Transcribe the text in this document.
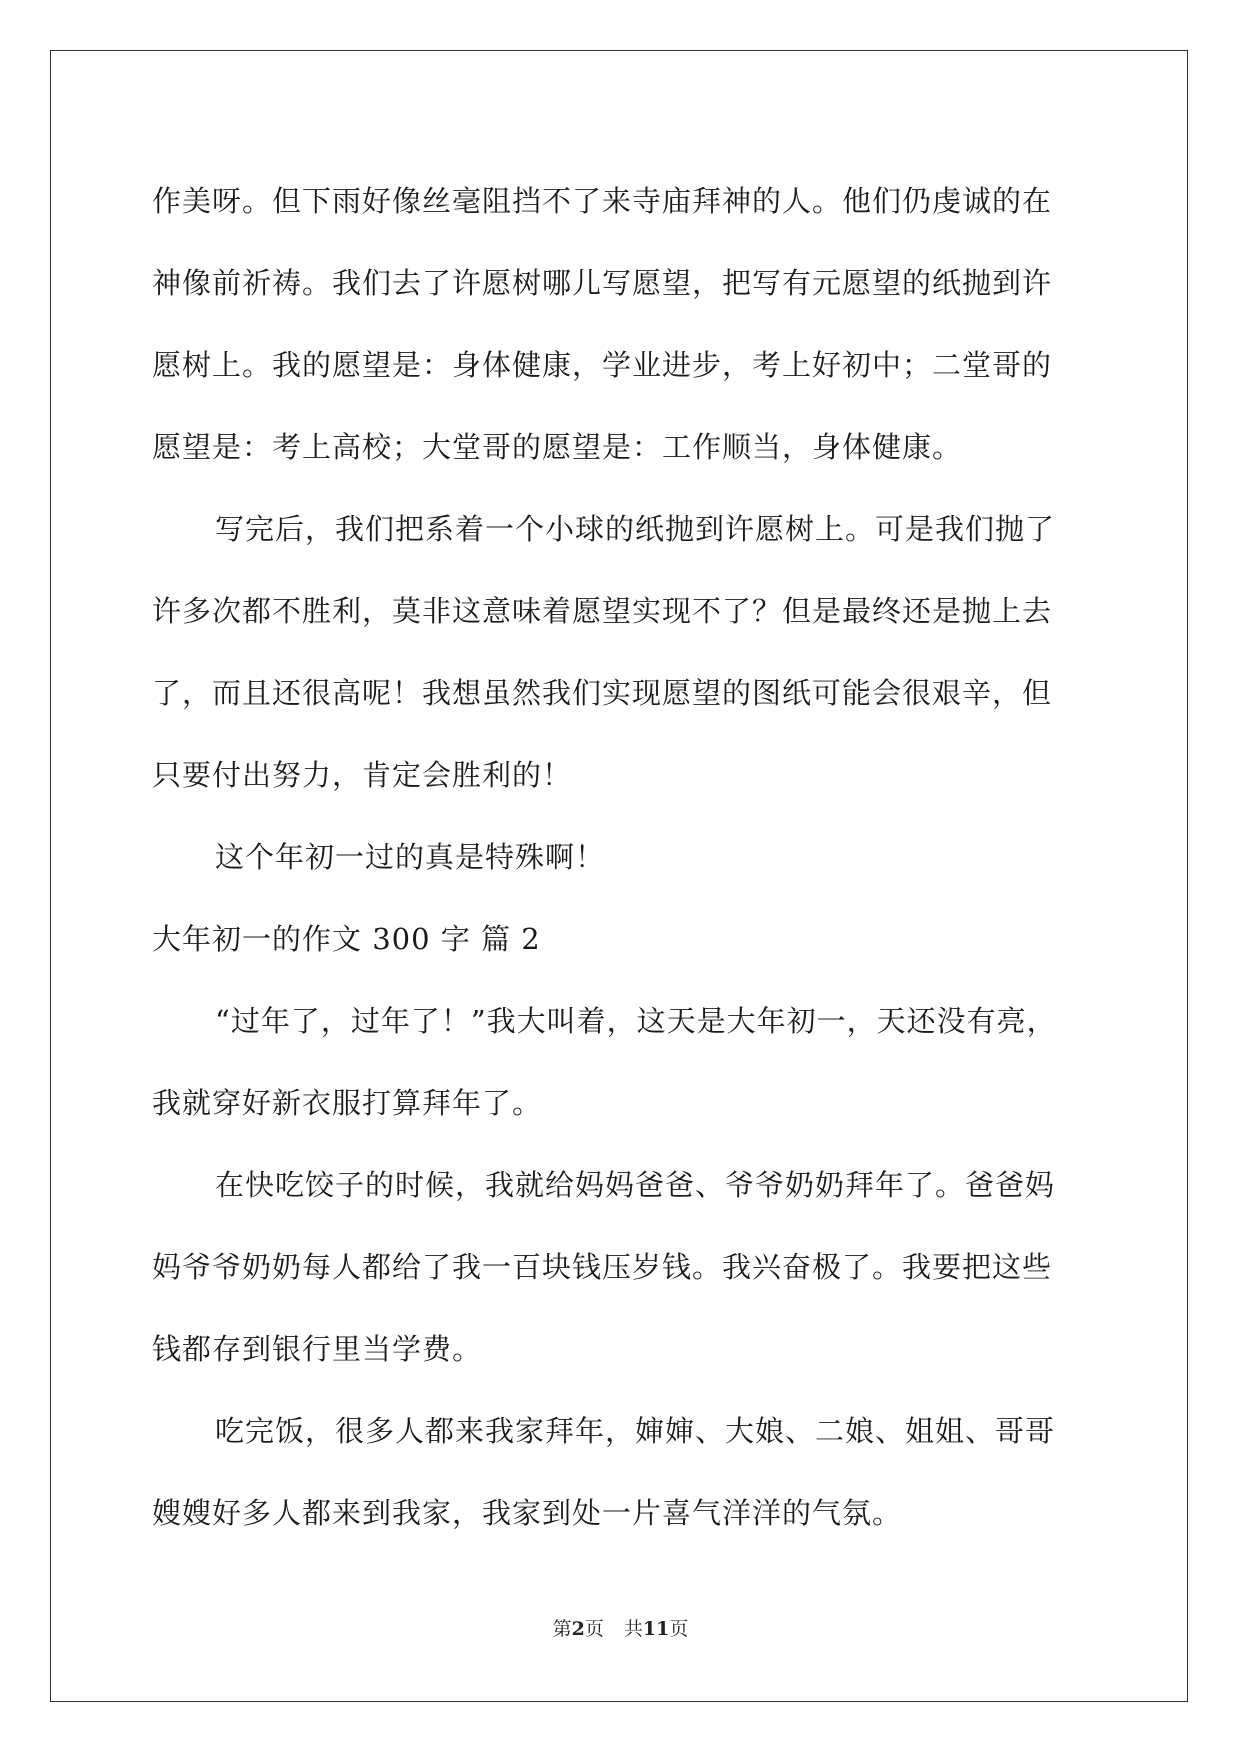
作美呀。但下雨好像丝毫阻挡不了来寺庙拜神的人。他们仍虔诚的在
神像前祈祷。我们去了许愿树哪儿写愿望，把写有元愿望的纸抛到许
愿树上。我的愿望是：身体健康，学业进步，考上好初中；二堂哥的
愿望是：考上高校；大堂哥的愿望是：工作顺当，身体健康。
写完后，我们把系着一个小球的纸抛到许愿树上。可是我们抛了
许多次都不胜利，莫非这意味着愿望实现不了？但是最终还是抛上去
了，而且还很高呢！我想虽然我们实现愿望的图纸可能会很艰辛，但
只要付出努力，肯定会胜利的！
这个年初一过的真是特殊啊！
大年初一的作文 300 字 篇 2
“过年了，过年了！”我大叫着，这天是大年初一，天还没有亮，
我就穿好新衣服打算拜年了。
在快吃饺子的时候，我就给妈妈爸爸、爷爷奶奶拜年了。爸爸妈
妈爷爷奶奶每人都给了我一百块钱压岁钱。我兴奋极了。我要把这些
钱都存到银行里当学费。
吃完饭，很多人都来我家拜年，婶婶、大娘、二娘、姐姐、哥哥
嫂嫂好多人都来到我家，我家到处一片喜气洋洋的气氛。
第2页 共11页
